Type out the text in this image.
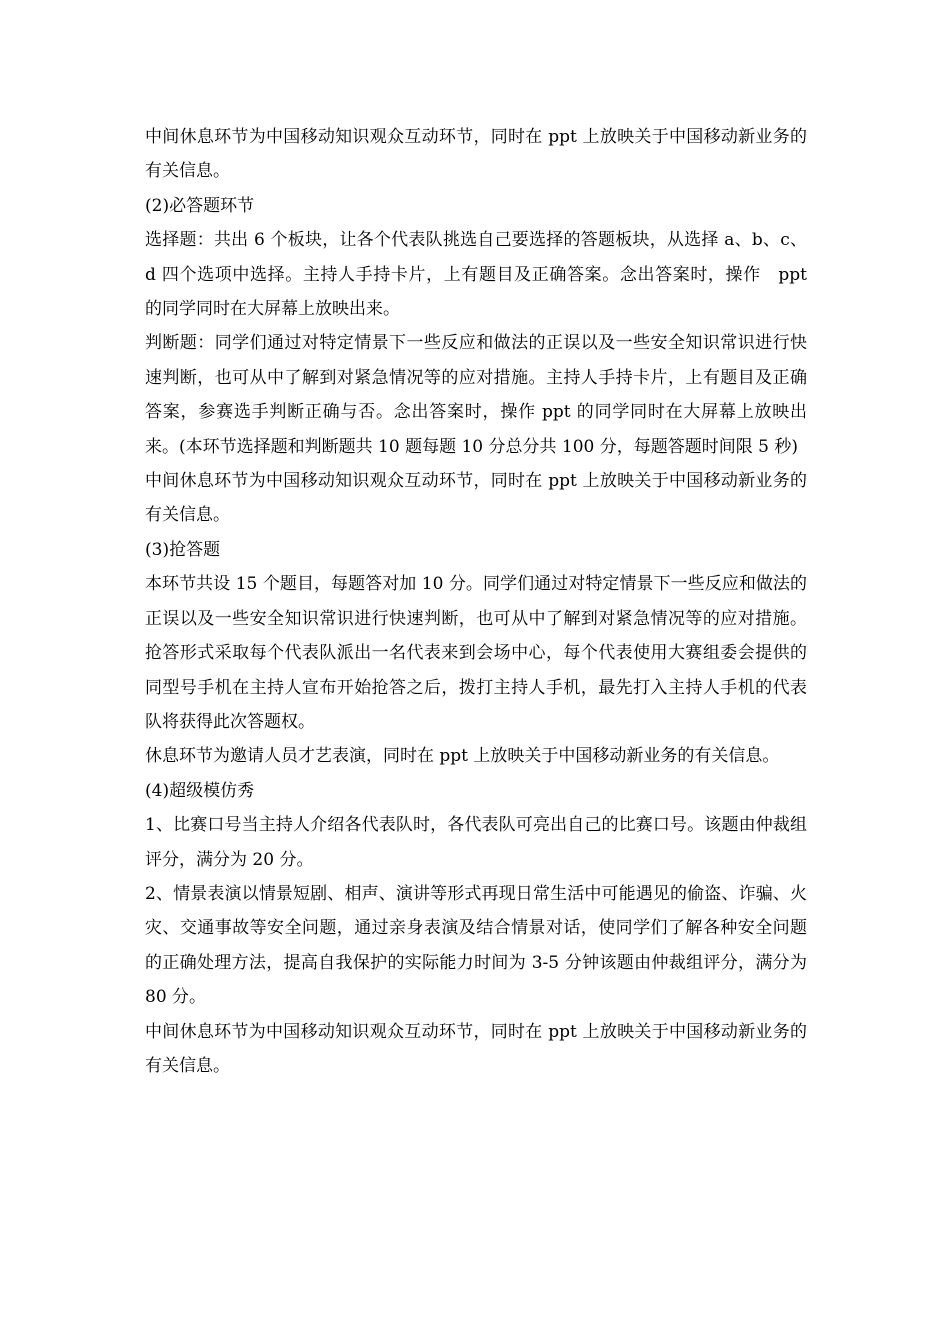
中间休息环节为中国移动知识观众互动环节，同时在 ppt 上放映关于中国移动新业务的有关信息。

(2)必答题环节

选择题：共出 6 个板块，让各个代表队挑选自己要选择的答题板块，从选择 a、b、c、d 四个选项中选择。主持人手持卡片，上有题目及正确答案。念出答案时，操作　ppt 的同学同时在大屏幕上放映出来。

判断题：同学们通过对特定情景下一些反应和做法的正误以及一些安全知识常识进行快速判断，也可从中了解到对紧急情况等的应对措施。主持人手持卡片，上有题目及正确答案，参赛选手判断正确与否。念出答案时，操作 ppt 的同学同时在大屏幕上放映出来。(本环节选择题和判断题共 10 题每题 10 分总分共 100 分，每题答题时间限 5 秒)

中间休息环节为中国移动知识观众互动环节，同时在 ppt 上放映关于中国移动新业务的有关信息。

(3)抢答题

本环节共设 15 个题目，每题答对加 10 分。同学们通过对特定情景下一些反应和做法的正误以及一些安全知识常识进行快速判断，也可从中了解到对紧急情况等的应对措施。抢答形式采取每个代表队派出一名代表来到会场中心，每个代表使用大赛组委会提供的同型号手机在主持人宣布开始抢答之后，拨打主持人手机，最先打入主持人手机的代表队将获得此次答题权。

休息环节为邀请人员才艺表演，同时在 ppt 上放映关于中国移动新业务的有关信息。

(4)超级模仿秀

1、比赛口号当主持人介绍各代表队时，各代表队可亮出自己的比赛口号。该题由仲裁组评分，满分为 20 分。

2、情景表演以情景短剧、相声、演讲等形式再现日常生活中可能遇见的偷盗、诈骗、火灾、交通事故等安全问题，通过亲身表演及结合情景对话，使同学们了解各种安全问题的正确处理方法，提高自我保护的实际能力时间为 3-5 分钟该题由仲裁组评分，满分为 80 分。

中间休息环节为中国移动知识观众互动环节，同时在 ppt 上放映关于中国移动新业务的有关信息。
